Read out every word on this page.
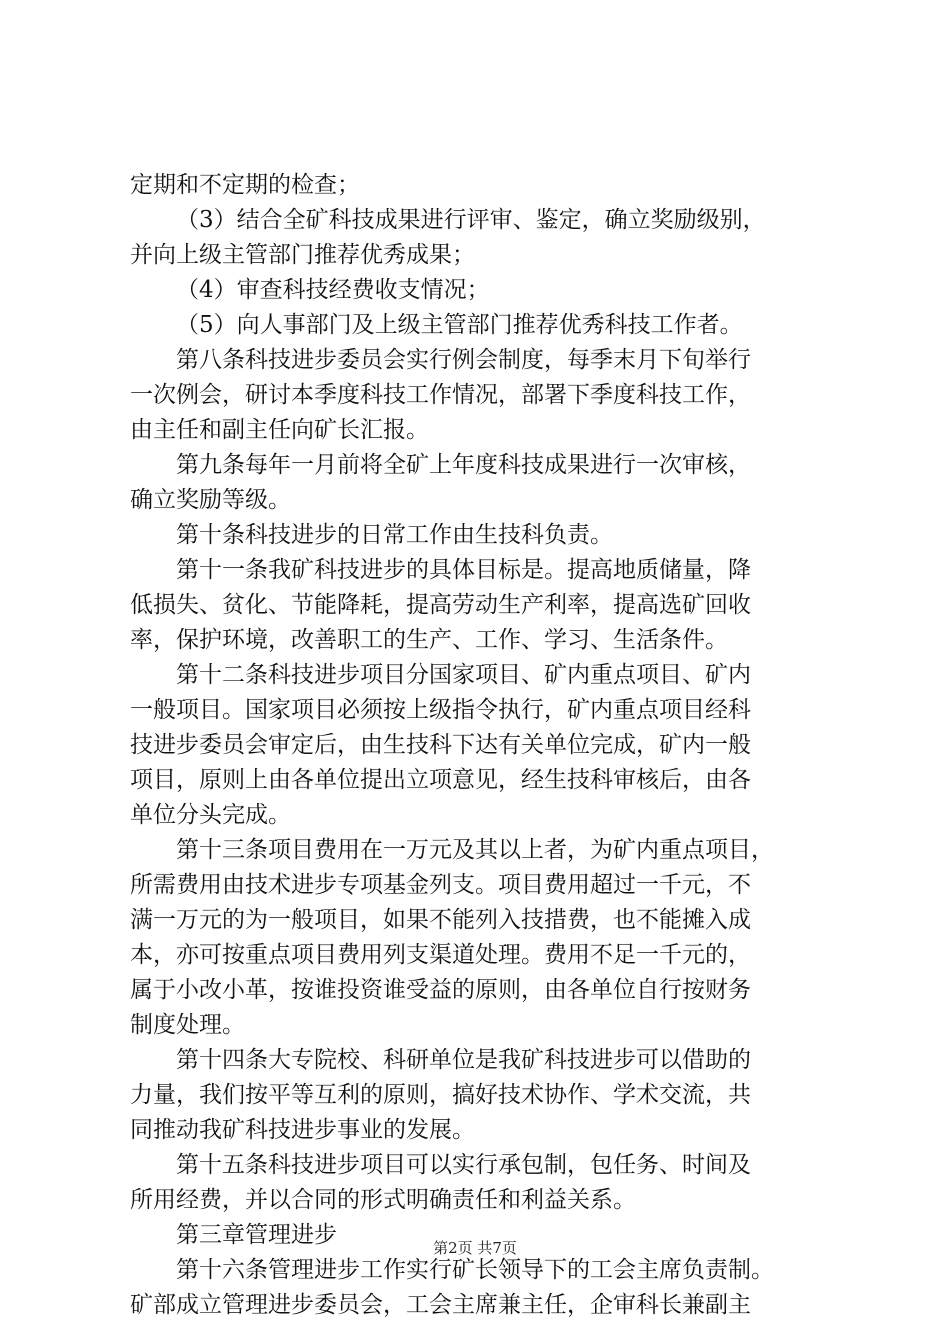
定期和不定期的检查；
（3）结合全矿科技成果进行评审、鉴定，确立奖励级别，
并向上级主管部门推荐优秀成果；
（4）审查科技经费收支情况；
（5）向人事部门及上级主管部门推荐优秀科技工作者。
第八条科技进步委员会实行例会制度，每季末月下旬举行
一次例会，研讨本季度科技工作情况，部署下季度科技工作，
由主任和副主任向矿长汇报。
第九条每年一月前将全矿上年度科技成果进行一次审核，
确立奖励等级。
第十条科技进步的日常工作由生技科负责。
第十一条我矿科技进步的具体目标是。提高地质储量，降
低损失、贫化、节能降耗，提高劳动生产利率，提高选矿回收
率，保护环境，改善职工的生产、工作、学习、生活条件。
第十二条科技进步项目分国家项目、矿内重点项目、矿内
一般项目。国家项目必须按上级指令执行，矿内重点项目经科
技进步委员会审定后，由生技科下达有关单位完成，矿内一般
项目，原则上由各单位提出立项意见，经生技科审核后，由各
单位分头完成。
第十三条项目费用在一万元及其以上者，为矿内重点项目，
所需费用由技术进步专项基金列支。项目费用超过一千元，不
满一万元的为一般项目，如果不能列入技措费，也不能摊入成
本，亦可按重点项目费用列支渠道处理。费用不足一千元的，
属于小改小革，按谁投资谁受益的原则，由各单位自行按财务
制度处理。
第十四条大专院校、科研单位是我矿科技进步可以借助的
力量，我们按平等互利的原则，搞好技术协作、学术交流，共
同推动我矿科技进步事业的发展。
第十五条科技进步项目可以实行承包制，包任务、时间及
所用经费，并以合同的形式明确责任和利益关系。
第三章管理进步
第十六条管理进步工作实行矿长领导下的工会主席负责制。
矿部成立管理进步委员会，工会主席兼主任，企审科长兼副主
第2页 共7页
